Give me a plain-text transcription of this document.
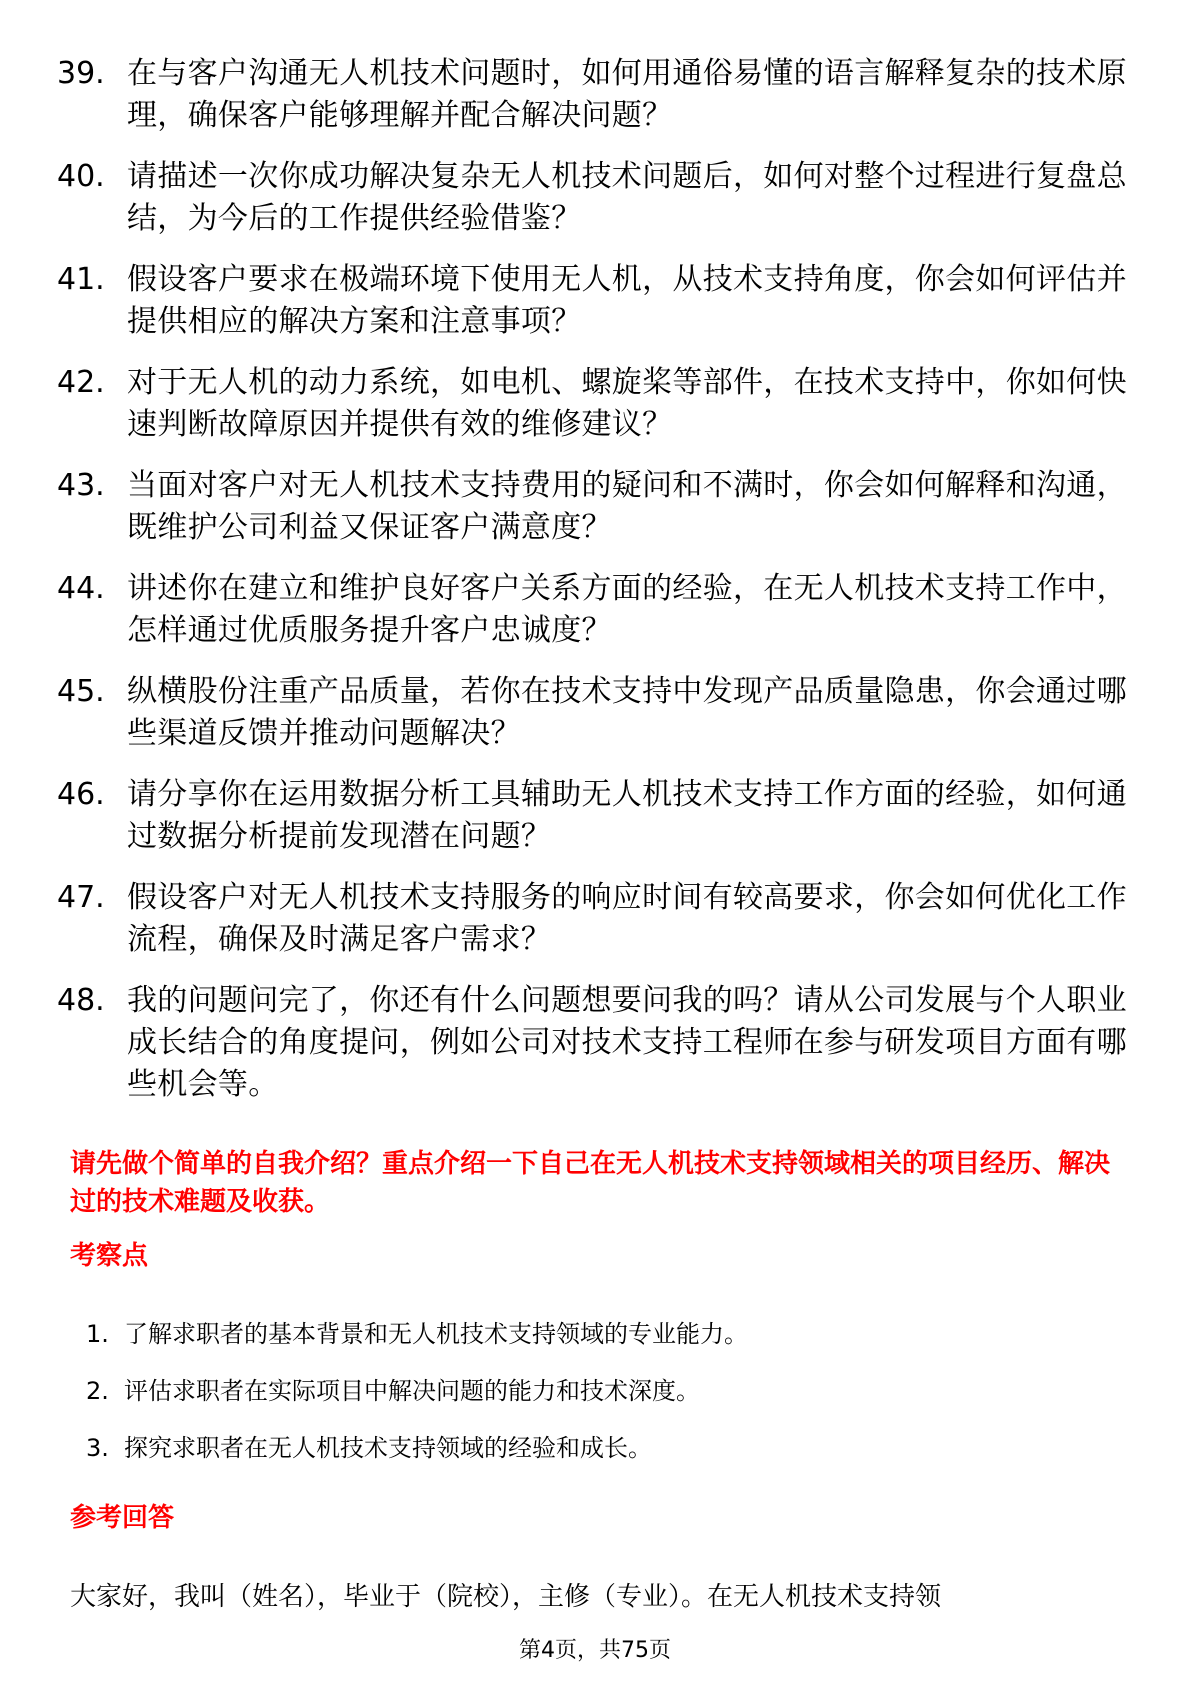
39. 在与客户沟通无人机技术问题时，如何用通俗易懂的语言解释复杂的技术原理，确保客户能够理解并配合解决问题？
40. 请描述一次你成功解决复杂无人机技术问题后，如何对整个过程进行复盘总结，为今后的工作提供经验借鉴？
41. 假设客户要求在极端环境下使用无人机，从技术支持角度，你会如何评估并提供相应的解决方案和注意事项？
42. 对于无人机的动力系统，如电机、螺旋桨等部件，在技术支持中，你如何快速判断故障原因并提供有效的维修建议？
43. 当面对客户对无人机技术支持费用的疑问和不满时，你会如何解释和沟通，既维护公司利益又保证客户满意度？
44. 讲述你在建立和维护良好客户关系方面的经验，在无人机技术支持工作中，怎样通过优质服务提升客户忠诚度？
45. 纵横股份注重产品质量，若你在技术支持中发现产品质量隐患，你会通过哪些渠道反馈并推动问题解决？
46. 请分享你在运用数据分析工具辅助无人机技术支持工作方面的经验，如何通过数据分析提前发现潜在问题？
47. 假设客户对无人机技术支持服务的响应时间有较高要求，你会如何优化工作流程，确保及时满足客户需求？
48. 我的问题问完了，你还有什么问题想要问我的吗？请从公司发展与个人职业成长结合的角度提问，例如公司对技术支持工程师在参与研发项目方面有哪些机会等。

请先做个简单的自我介绍？重点介绍一下自己在无人机技术支持领域相关的项目经历、解决过的技术难题及收获。

考察点
1. 了解求职者的基本背景和无人机技术支持领域的专业能力。
2. 评估求职者在实际项目中解决问题的能力和技术深度。
3. 探究求职者在无人机技术支持领域的经验和成长。
参考回答

大家好，我叫（姓名），毕业于（院校），主修（专业）。在无人机技术支持领

第4页，共75页
